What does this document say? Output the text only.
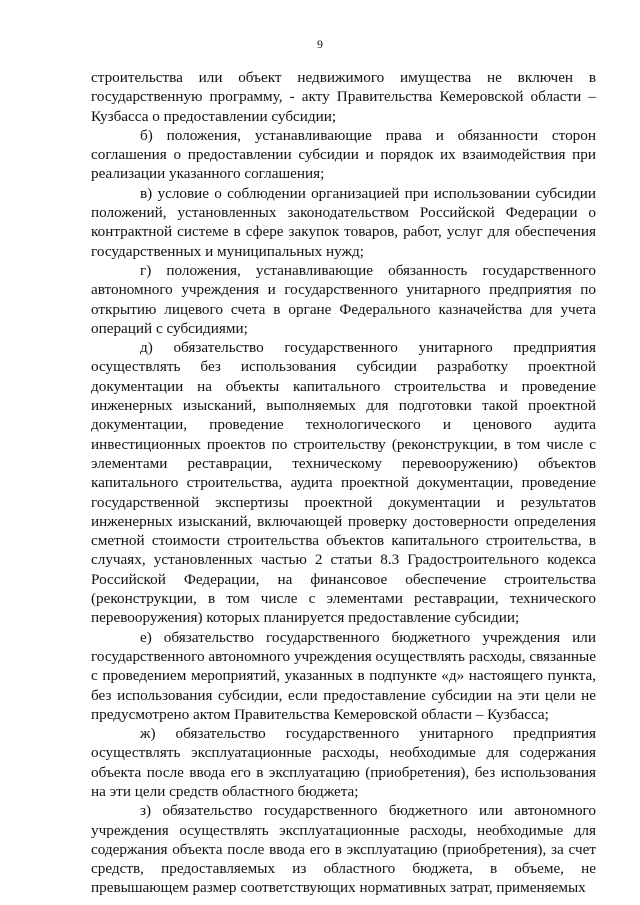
9

строительства или объект недвижимого имущества не включен в государственную программу, - акту Правительства Кемеровской области – Кузбасса о предоставлении субсидии;

б) положения, устанавливающие права и обязанности сторон соглашения о предоставлении субсидии и порядок их взаимодействия при реализации указанного соглашения;

в) условие о соблюдении организацией при использовании субсидии положений, установленных законодательством Российской Федерации о контрактной системе в сфере закупок товаров, работ, услуг для обеспечения государственных и муниципальных нужд;

г) положения, устанавливающие обязанность государственного автономного учреждения и государственного унитарного предприятия по открытию лицевого счета в органе Федерального казначейства для учета операций с субсидиями;

д) обязательство государственного унитарного предприятия осуществлять без использования субсидии разработку проектной документации на объекты капитального строительства и проведение инженерных изысканий, выполняемых для подготовки такой проектной документации, проведение технологического и ценового аудита инвестиционных проектов по строительству (реконструкции, в том числе с элементами реставрации, техническому перевооружению) объектов капитального строительства, аудита проектной документации, проведение государственной экспертизы проектной документации и результатов инженерных изысканий, включающей проверку достоверности определения сметной стоимости строительства объектов капитального строительства, в случаях, установленных частью 2 статьи 8.3 Градостроительного кодекса Российской Федерации, на финансовое обеспечение строительства (реконструкции, в том числе с элементами реставрации, технического перевооружения) которых планируется предоставление субсидии;

е) обязательство государственного бюджетного учреждения или государственного автономного учреждения осуществлять расходы, связанные с проведением мероприятий, указанных в подпункте «д» настоящего пункта, без использования субсидии, если предоставление субсидии на эти цели не предусмотрено актом Правительства Кемеровской области – Кузбасса;

ж) обязательство государственного унитарного предприятия осуществлять эксплуатационные расходы, необходимые для содержания объекта после ввода его в эксплуатацию (приобретения), без использования на эти цели средств областного бюджета;

з) обязательство государственного бюджетного или автономного учреждения осуществлять эксплуатационные расходы, необходимые для содержания объекта после ввода его в эксплуатацию (приобретения), за счет средств, предоставляемых из областного бюджета, в объеме, не превышающем размер соответствующих нормативных затрат, применяемых
